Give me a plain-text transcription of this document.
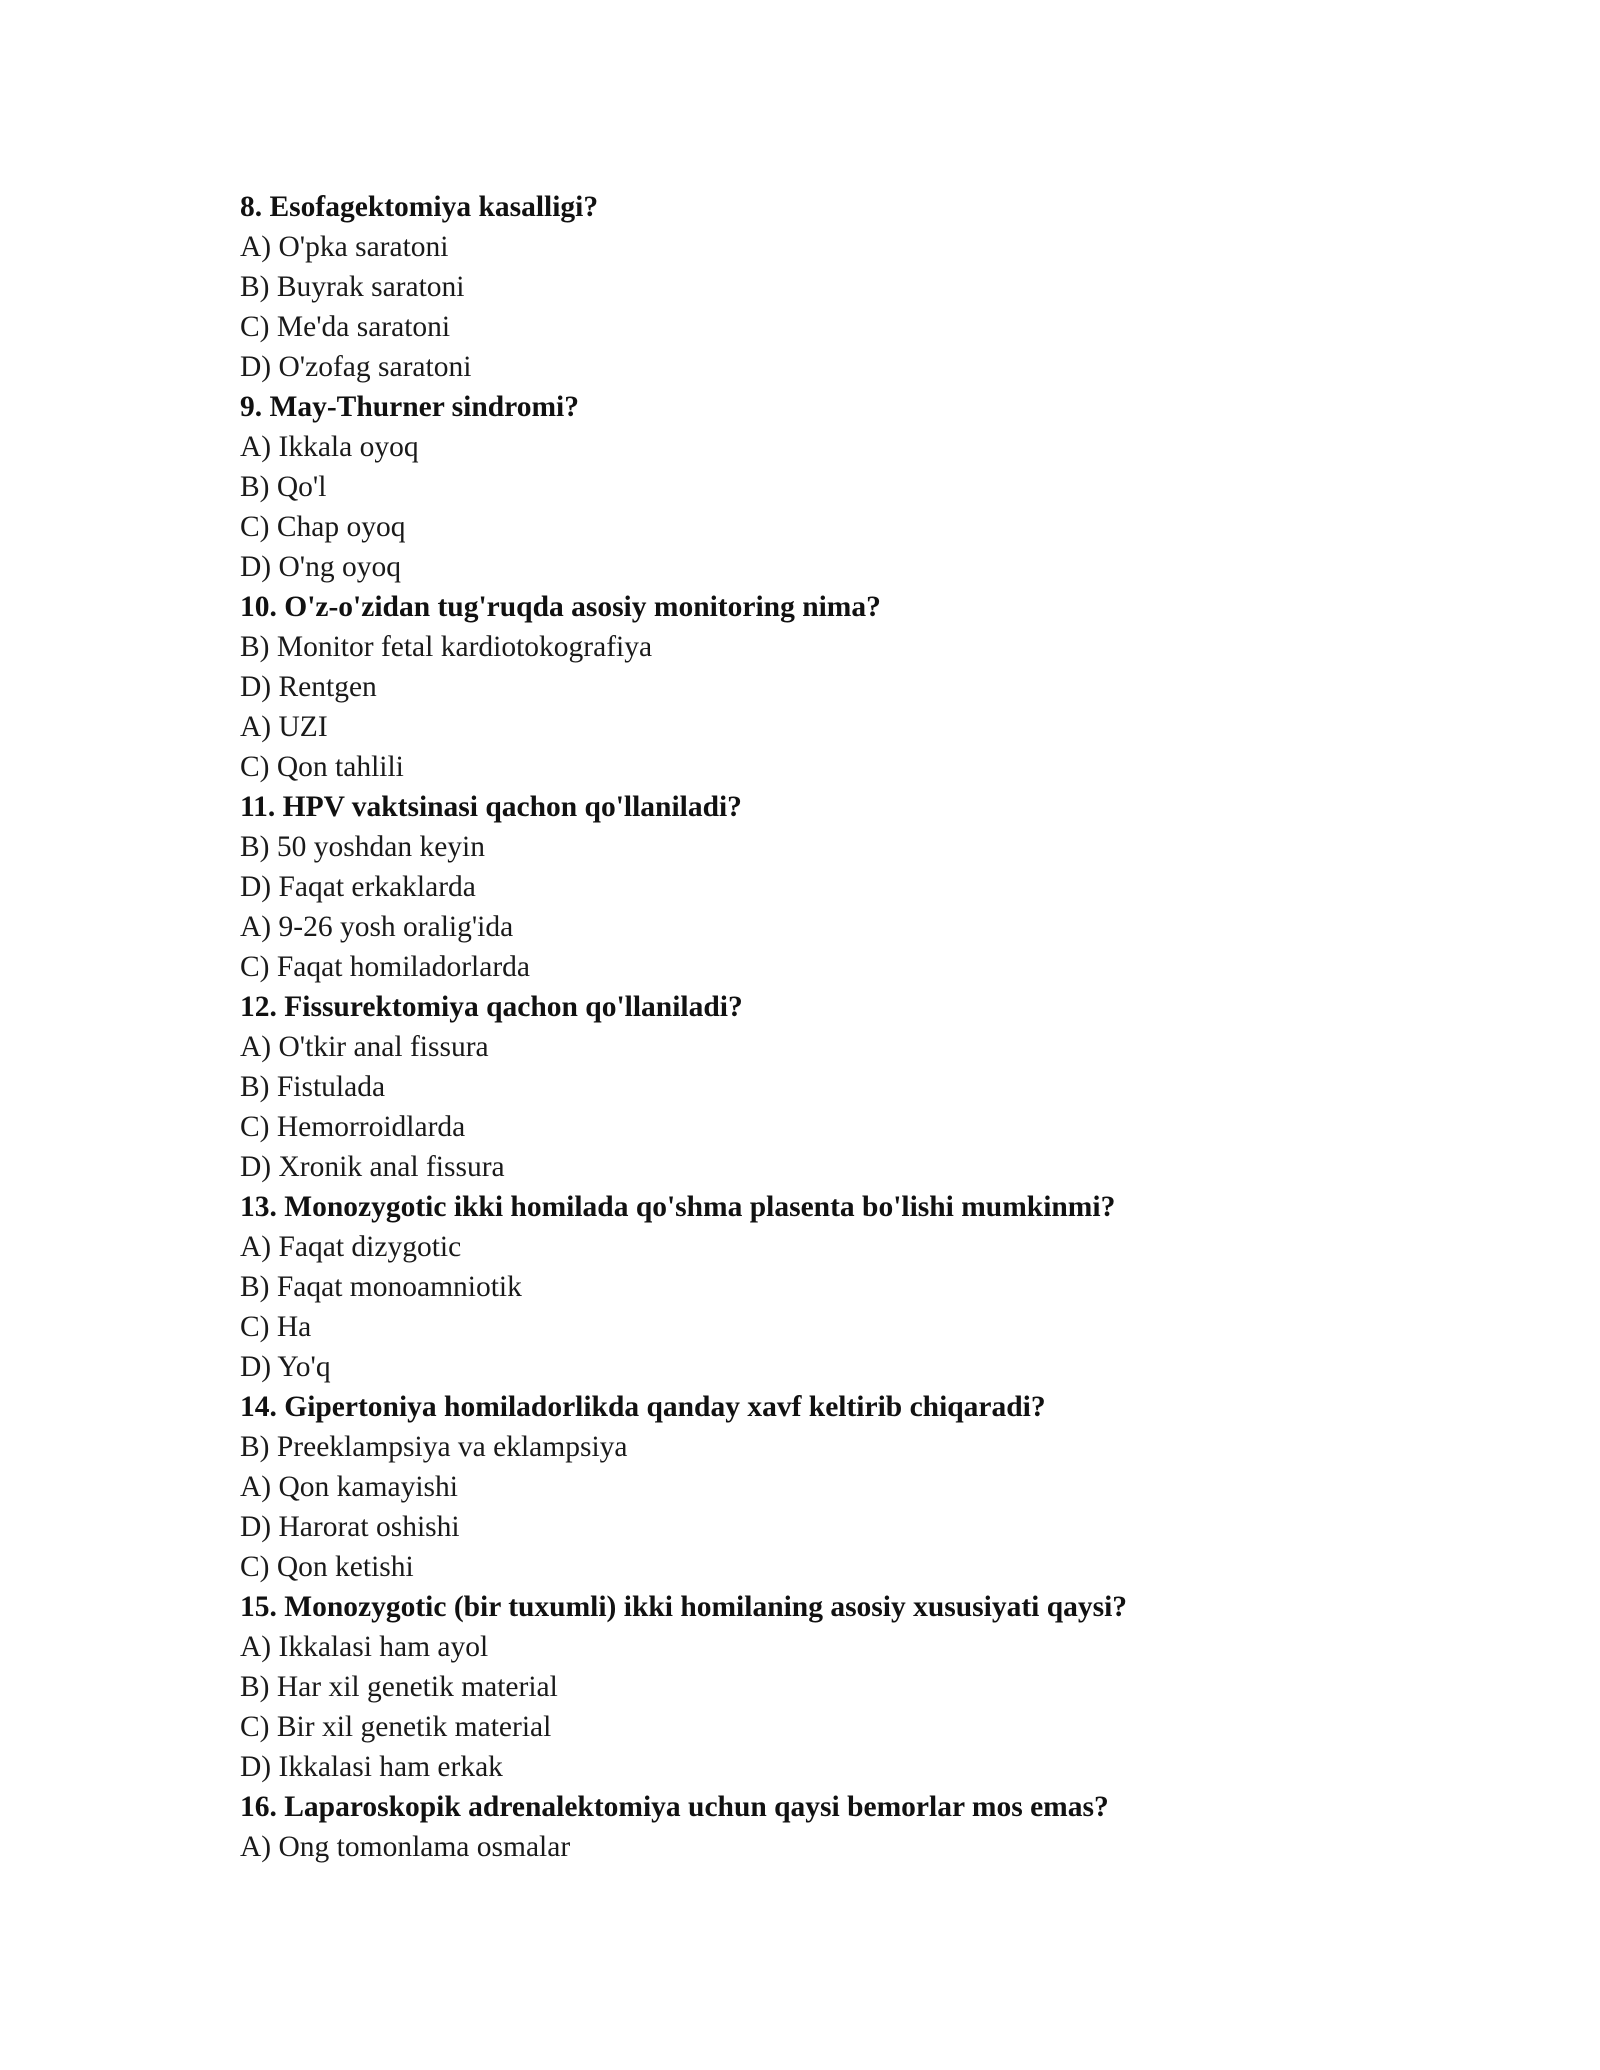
8. Esofagektomiya kasalligi?
A) O'pka saratoni
B) Buyrak saratoni
C) Me'da saratoni
D) O'zofag saratoni
9. May-Thurner sindromi?
A) Ikkala oyoq
B) Qo'l
C) Chap oyoq
D) O'ng oyoq
10. O'z-o'zidan tug'ruqda asosiy monitoring nima?
B) Monitor fetal kardiotokografiya
D) Rentgen
A) UZI
C) Qon tahlili
11. HPV vaktsinasi qachon qo'llaniladi?
B) 50 yoshdan keyin
D) Faqat erkaklarda
A) 9-26 yosh oralig'ida
C) Faqat homiladorlarda
12. Fissurektomiya qachon qo'llaniladi?
A) O'tkir anal fissura
B) Fistulada
C) Hemorroidlarda
D) Xronik anal fissura
13. Monozygotic ikki homilada qo'shma plasenta bo'lishi mumkinmi?
A) Faqat dizygotic
B) Faqat monoamniotik
C) Ha
D) Yo'q
14. Gipertoniya homiladorlikda qanday xavf keltirib chiqaradi?
B) Preeklampsiya va eklampsiya
A) Qon kamayishi
D) Harorat oshishi
C) Qon ketishi
15. Monozygotic (bir tuxumli) ikki homilaning asosiy xususiyati qaysi?
A) Ikkalasi ham ayol
B) Har xil genetik material
C) Bir xil genetik material
D) Ikkalasi ham erkak
16. Laparoskopik adrenalektomiya uchun qaysi bemorlar mos emas?
A) Ong tomonlama osmalar
